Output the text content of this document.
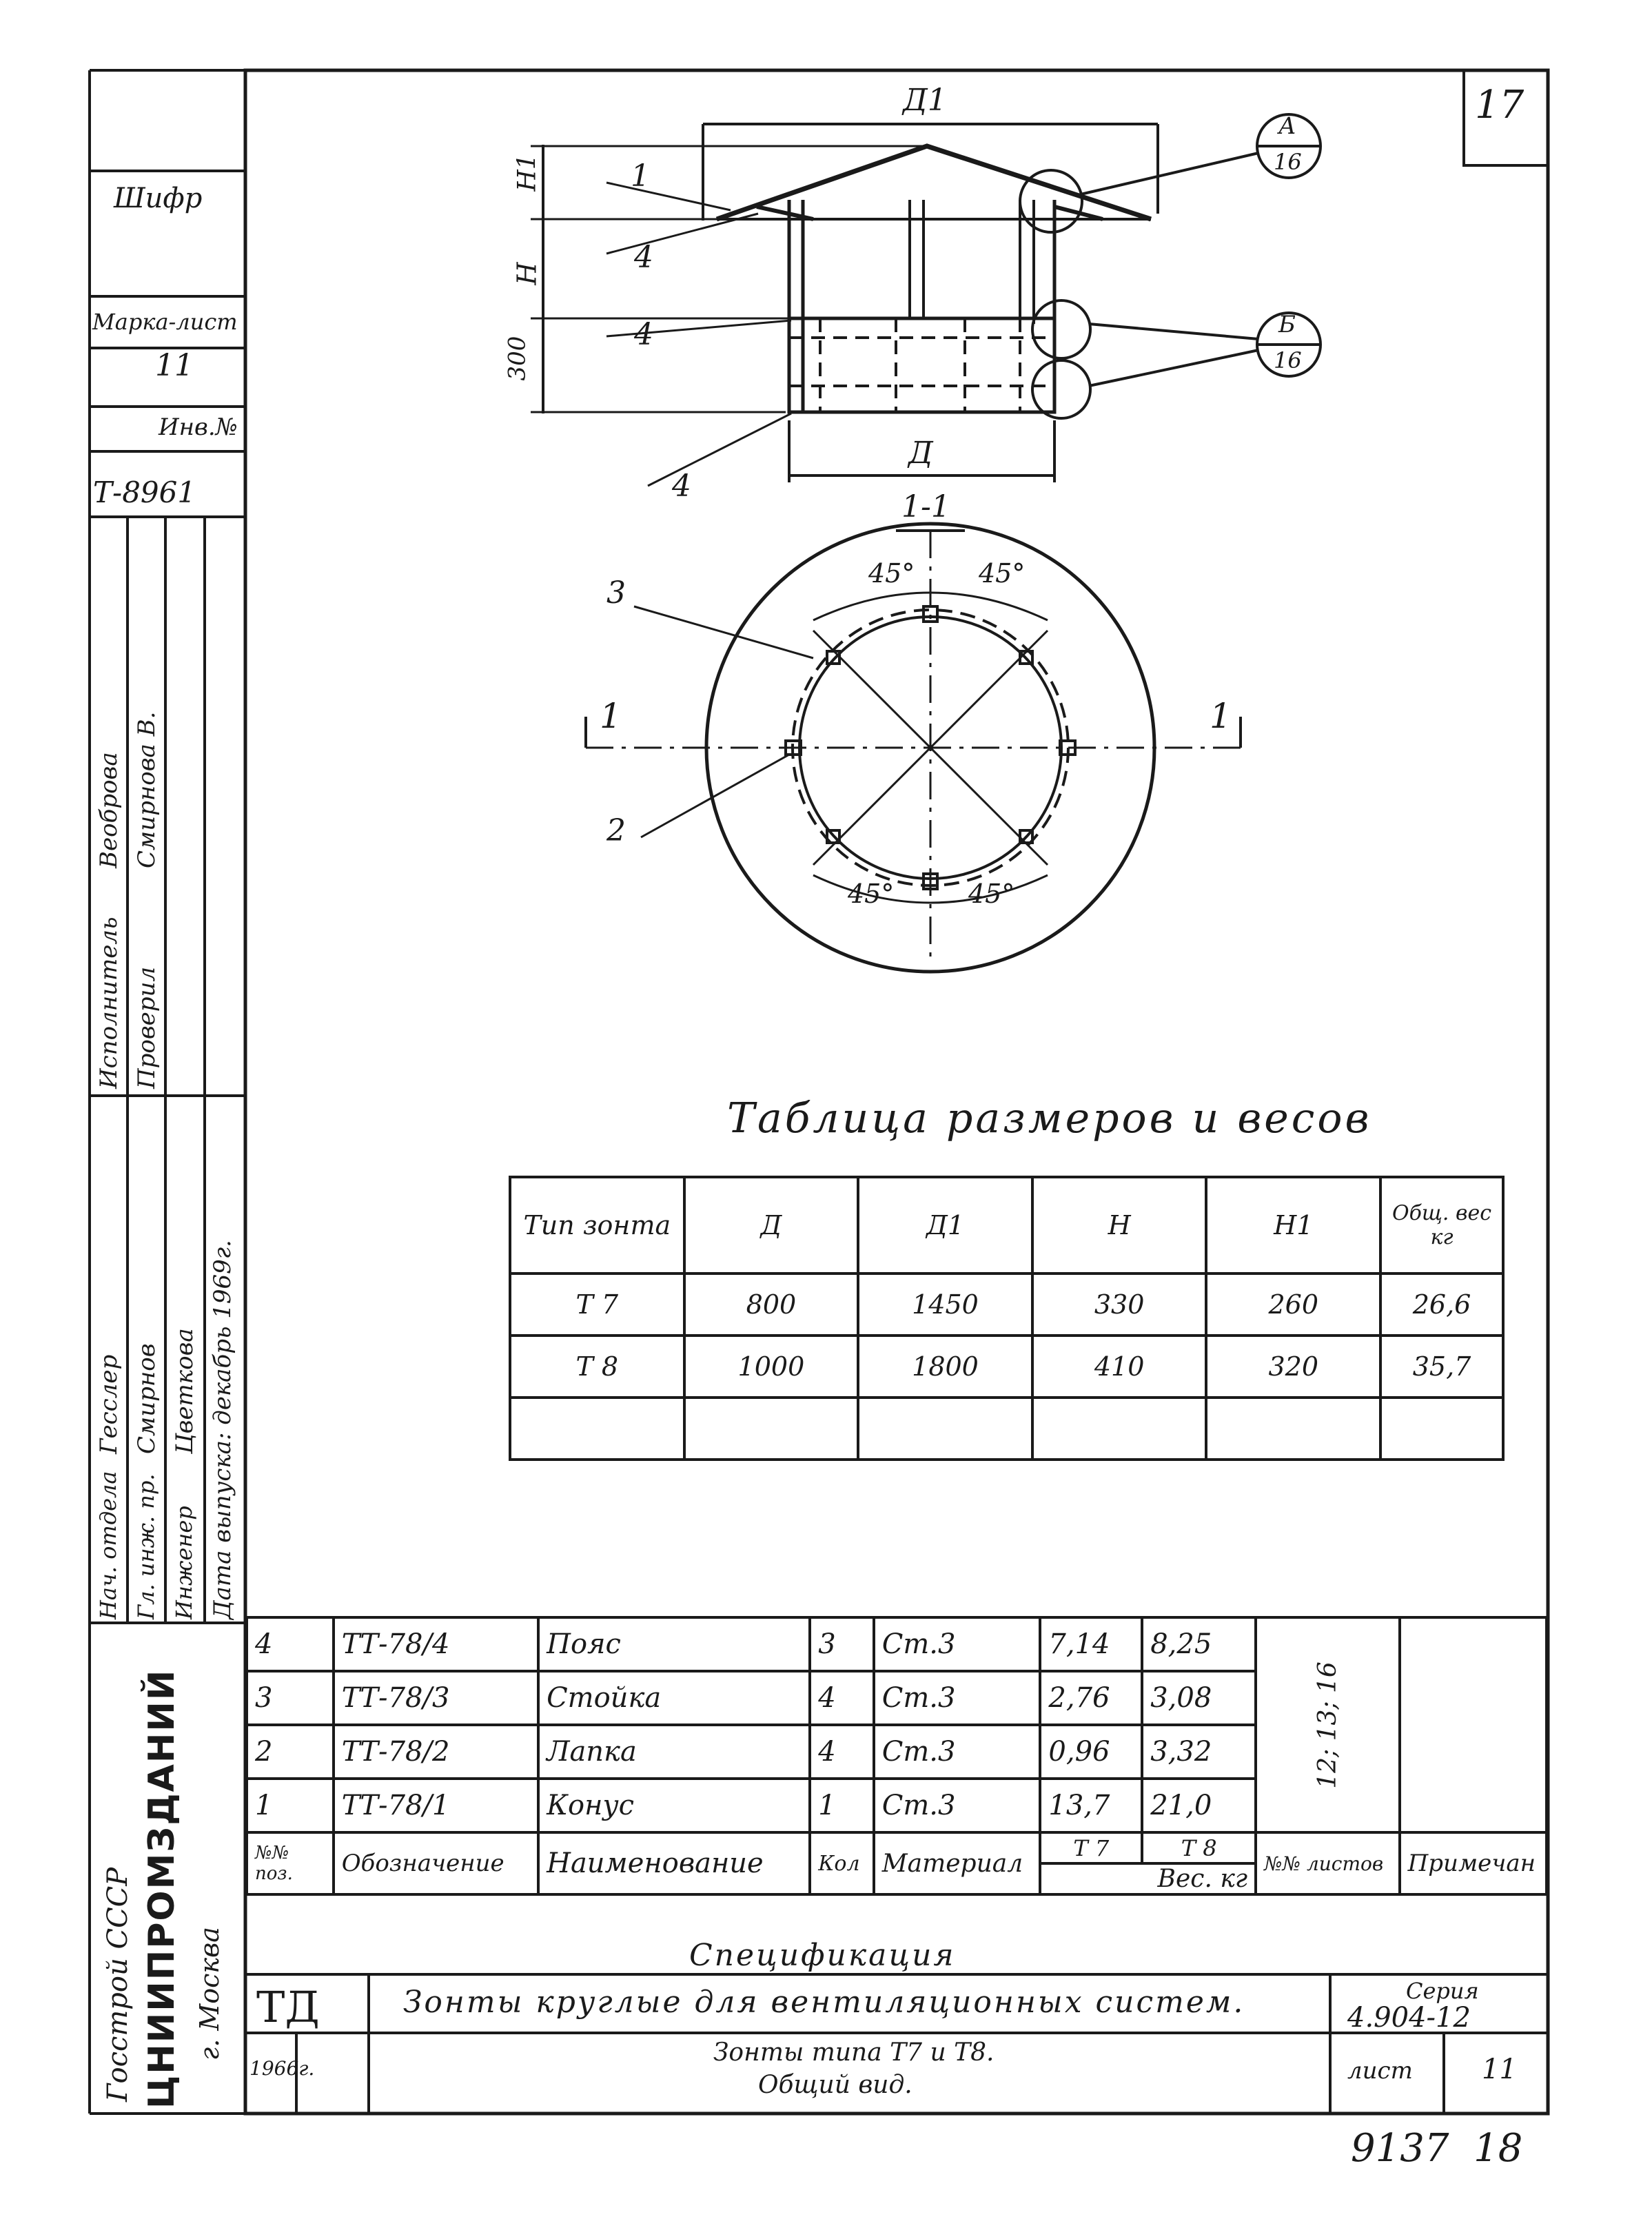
17
Шифр
Марка-лист
11
Инв.№
Т-8961
Исполнитель
Веоброва
Проверил
Смирнова В.
Нач. отдела
Гесслер
Гл. инж. пр.
Смирнов
Инженер
Цветкова Дата выпуска: декабрь 1969г.
Госстрой СССР ЦНИИПРОМЗДАНИЙ г. Москва
Д1
Н1
Н
300
Д
1
4
4
4
А
16
Б
16
1-1
1	1
3
2
45° 45°
45°	45°
Таблица размеров и весов
Тип зонта	Д	Д1	Н	Н1	Общ. вес кг
Т 7	800	1450	330	260	26,6
Т 8	1000	1800	410	320	35,7

4	ТТ-78/4	Пояс	3	Ст.3	7,14	8,25	12; 13; 16	

3	ТТ-78/3	Стойка	4	Ст.3	2,76	3,08		
2	ТТ-78/2	Лапка	4	Ст.3	0,96	3,32		
1	ТТ-78/1	Конус	1	Ст.3	13,7	21,0		
№№ поз.	Обозначение	Наименование	Кол	Материал	Т 7	Т 8	№№ листов	Примечан
					Вес. кг			
Спецификация
ТД	Зонты круглые для вентиляционных систем.	Серия
4.904-12
1966г.
Зонты типа Т7 и Т8.
Общий вид.	лист	11
9137  18
